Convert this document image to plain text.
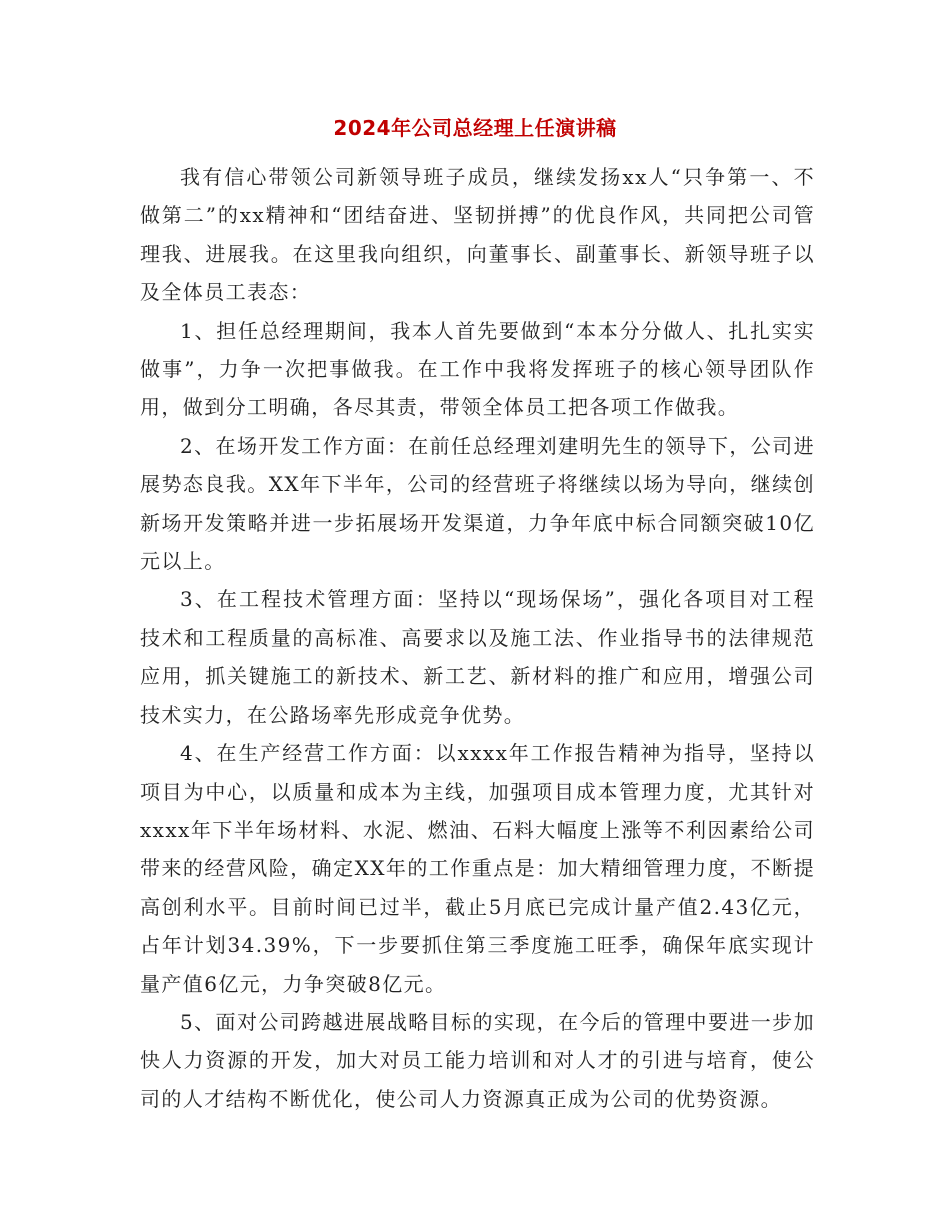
2024年公司总经理上任演讲稿

我有信心带领公司新领导班子成员，继续发扬xx人“只争第一、不做第二”的xx精神和“团结奋进、坚韧拼搏”的优良作风，共同把公司管理我、进展我。在这里我向组织，向董事长、副董事长、新领导班子以及全体员工表态：

1、担任总经理期间，我本人首先要做到“本本分分做人、扎扎实实做事”，力争一次把事做我。在工作中我将发挥班子的核心领导团队作用，做到分工明确，各尽其责，带领全体员工把各项工作做我。

2、在场开发工作方面：在前任总经理刘建明先生的领导下，公司进展势态良我。XX年下半年，公司的经营班子将继续以场为导向，继续创新场开发策略并进一步拓展场开发渠道，力争年底中标合同额突破10亿元以上。

3、在工程技术管理方面：坚持以“现场保场”，强化各项目对工程技术和工程质量的高标准、高要求以及施工法、作业指导书的法律规范应用，抓关键施工的新技术、新工艺、新材料的推广和应用，增强公司技术实力，在公路场率先形成竞争优势。

4、在生产经营工作方面：以xxxx年工作报告精神为指导，坚持以项目为中心，以质量和成本为主线，加强项目成本管理力度，尤其针对xxxx年下半年场材料、水泥、燃油、石料大幅度上涨等不利因素给公司带来的经营风险，确定XX年的工作重点是：加大精细管理力度，不断提高创利水平。目前时间已过半，截止5月底已完成计量产值2.43亿元，占年计划34.39%，下一步要抓住第三季度施工旺季，确保年底实现计量产值6亿元，力争突破8亿元。

5、面对公司跨越进展战略目标的实现，在今后的管理中要进一步加快人力资源的开发，加大对员工能力培训和对人才的引进与培育，使公司的人才结构不断优化，使公司人力资源真正成为公司的优势资源。
